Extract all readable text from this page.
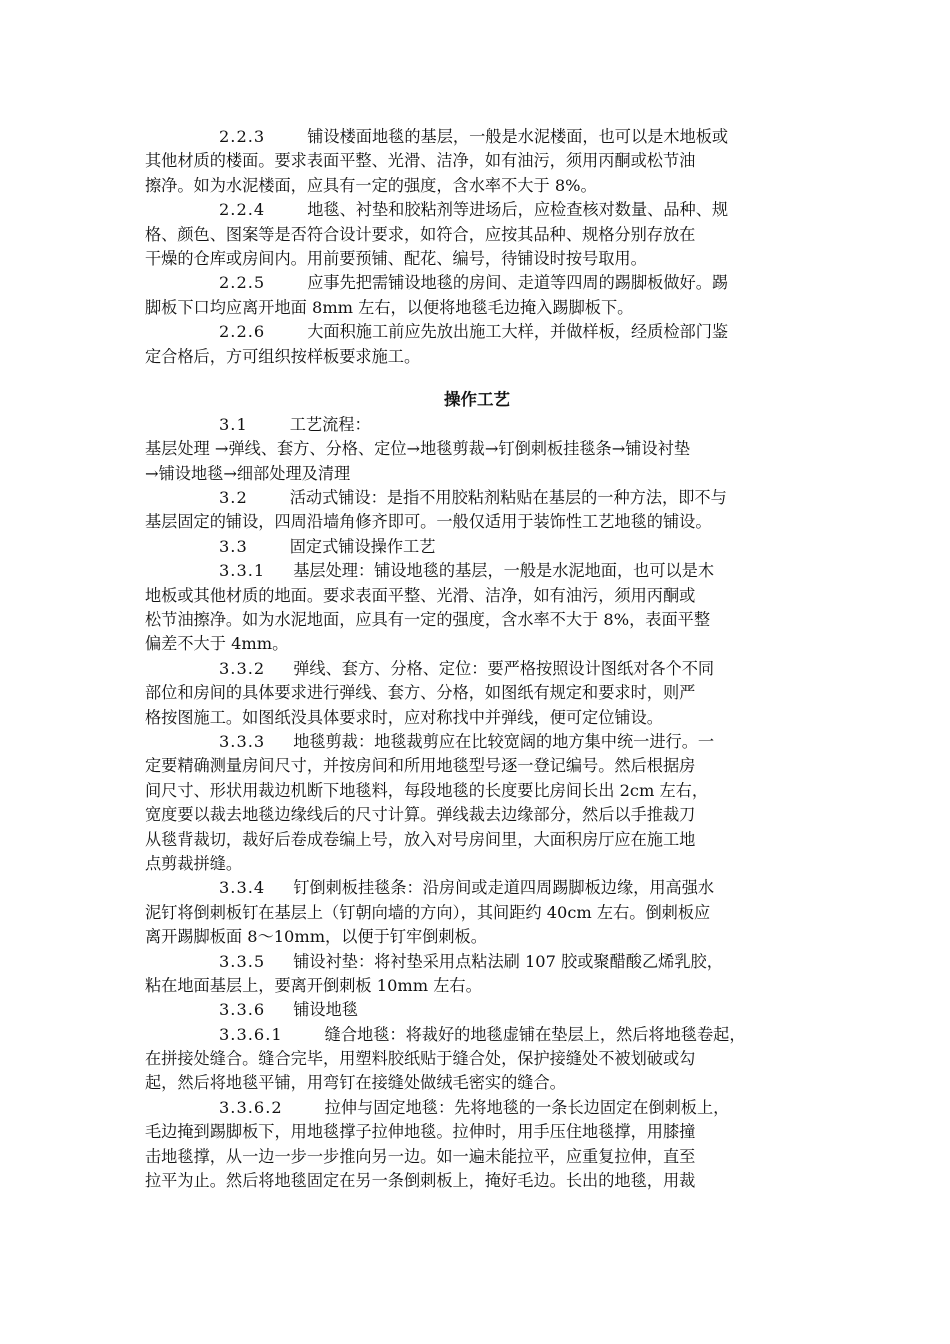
2.2.3	铺设楼面地毯的基层，一般是水泥楼面，也可以是木地板或
其他材质的楼面。要求表面平整、光滑、洁净，如有油污，须用丙酮或松节油
擦净。如为水泥楼面，应具有一定的强度，含水率不大于 8%。
2.2.4	地毯、衬垫和胶粘剂等进场后，应检查核对数量、品种、规
格、颜色、图案等是否符合设计要求，如符合，应按其品种、规格分别存放在
干燥的仓库或房间内。用前要预铺、配花、编号，待铺设时按号取用。
2.2.5	应事先把需铺设地毯的房间、走道等四周的踢脚板做好。踢
脚板下口均应离开地面 8mm 左右，以便将地毯毛边掩入踢脚板下。
2.2.6	大面积施工前应先放出施工大样，并做样板，经质检部门鉴
定合格后，方可组织按样板要求施工。
操作工艺
3.1	工艺流程：
基层处理 →弹线、套方、分格、定位→地毯剪裁→钉倒刺板挂毯条→铺设衬垫
→铺设地毯→细部处理及清理
3.2	活动式铺设：是指不用胶粘剂粘贴在基层的一种方法，即不与
基层固定的铺设，四周沿墙角修齐即可。一般仅适用于装饰性工艺地毯的铺设。
3.3	固定式铺设操作工艺
3.3.1 基层处理：铺设地毯的基层，一般是水泥地面，也可以是木
地板或其他材质的地面。要求表面平整、光滑、洁净，如有油污，须用丙酮或
松节油擦净。如为水泥地面，应具有一定的强度，含水率不大于 8%，表面平整
偏差不大于 4mm。
3.3.2 弹线、套方、分格、定位：要严格按照设计图纸对各个不同
部位和房间的具体要求进行弹线、套方、分格，如图纸有规定和要求时，则严
格按图施工。如图纸没具体要求时，应对称找中并弹线，便可定位铺设。
3.3.3 地毯剪裁：地毯裁剪应在比较宽阔的地方集中统一进行。一
定要精确测量房间尺寸，并按房间和所用地毯型号逐一登记编号。然后根据房
间尺寸、形状用裁边机断下地毯料，每段地毯的长度要比房间长出 2cm 左右，
宽度要以裁去地毯边缘线后的尺寸计算。弹线裁去边缘部分，然后以手推裁刀
从毯背裁切，裁好后卷成卷编上号，放入对号房间里，大面积房厅应在施工地
点剪裁拼缝。
3.3.4 钉倒刺板挂毯条：沿房间或走道四周踢脚板边缘，用高强水
泥钉将倒刺板钉在基层上（钉朝向墙的方向），其间距约 40cm 左右。倒刺板应
离开踢脚板面 8～10mm，以便于钉牢倒刺板。
3.3.5 铺设衬垫：将衬垫采用点粘法刷 107 胶或聚醋酸乙烯乳胶，
粘在地面基层上，要离开倒刺板 10mm 左右。
3.3.6 铺设地毯
3.3.6.1	缝合地毯：将裁好的地毯虚铺在垫层上，然后将地毯卷起，
在拼接处缝合。缝合完毕，用塑料胶纸贴于缝合处，保护接缝处不被划破或勾
起，然后将地毯平铺，用弯钉在接缝处做绒毛密实的缝合。
3.3.6.2	拉伸与固定地毯：先将地毯的一条长边固定在倒刺板上，
毛边掩到踢脚板下，用地毯撑子拉伸地毯。拉伸时，用手压住地毯撑，用膝撞
击地毯撑，从一边一步一步推向另一边。如一遍未能拉平，应重复拉伸，直至
拉平为止。然后将地毯固定在另一条倒刺板上，掩好毛边。长出的地毯，用裁
